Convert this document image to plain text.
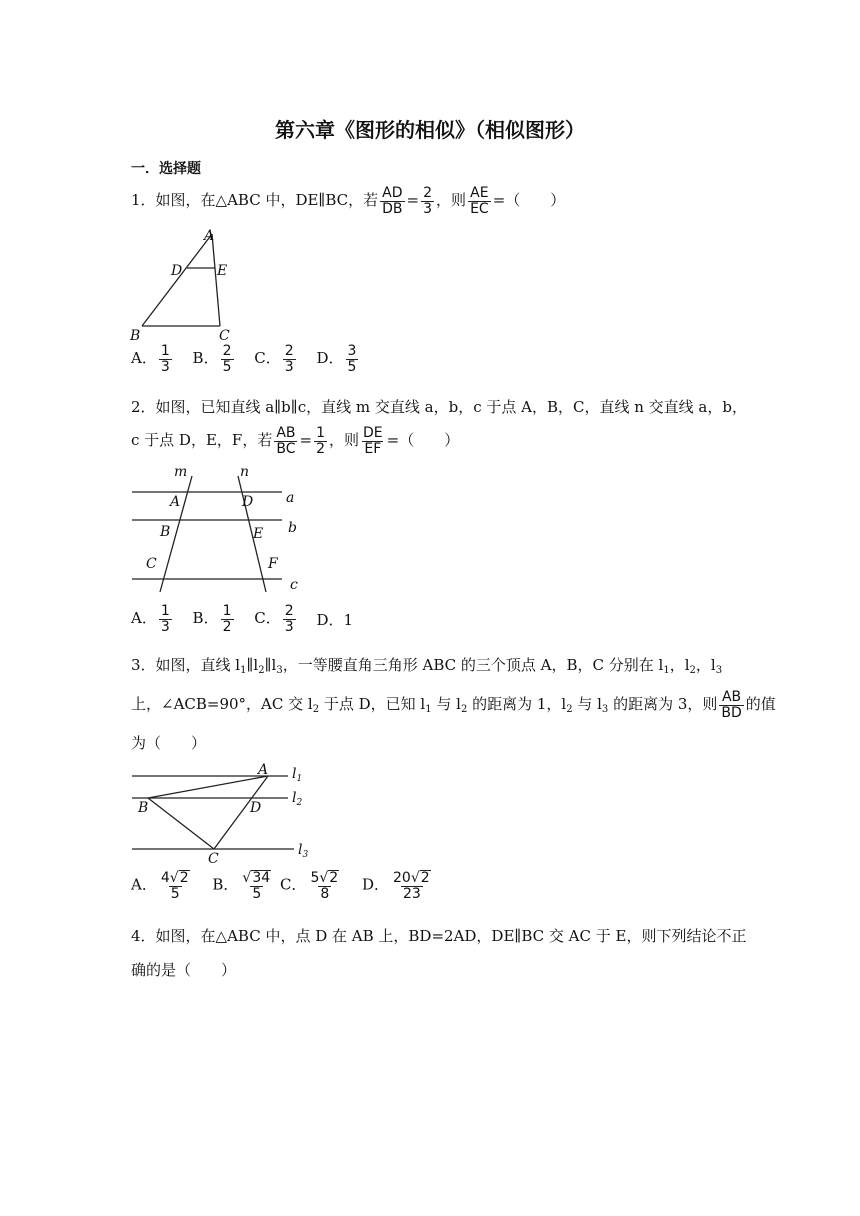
第六章《图形的相似》（相似图形）
一．选择题
1．如图，在△ABC 中，DE∥BC，若 $\frac{AD}{DB} = \frac{2}{3}$ ，则 $\frac{AE}{EC}$ =（　　）
A
D E
B	C
A． $\frac{1}{3}$ B． $\frac{2}{5}$ C． $\frac{2}{3}$ D． $\frac{3}{5}$
2．如图，已知直线 a∥b∥c，直线 m 交直线 a，b，c 于点 A，B，C，直线 n 交直线 a，b，
c 于点 D，E，F，若 $\frac{AB}{BC} = \frac{1}{2}$ ，则 $\frac{DE}{EF}$ =（　　）
m	n
A	D a
B	E b
C	F
c
A． $\frac{1}{3}$ B． $\frac{1}{2}$ C． $\frac{2}{3}$ D．1
3．如图，直线 $l_1\parallel l_2\parallel l_3$，一等腰直角三角形 ABC 的三个顶点 A，B，C 分别在 $l_1$，$l_2$，$l_3$
上，∠ACB=90°，AC 交 $l_2$ 于点 D，已知 $l_1$ 与 $l_2$ 的距离为 1，$l_2$ 与 $l_3$ 的距离为 3，则 $\frac{AB}{BD}$ 的值
为（　　）
A $l_1$
$l_2$
B	D
C
$l_3$
A． $\frac{4√2}{5}$ B． $\frac{√34}{5}$ C． $\frac{5√2}{8}$ D． $\frac{20√2}{23}$
4．如图，在△ABC 中，点 D 在 AB 上，BD=2AD，DE∥BC 交 AC 于 E，则下列结论不正
确的是（　　）
